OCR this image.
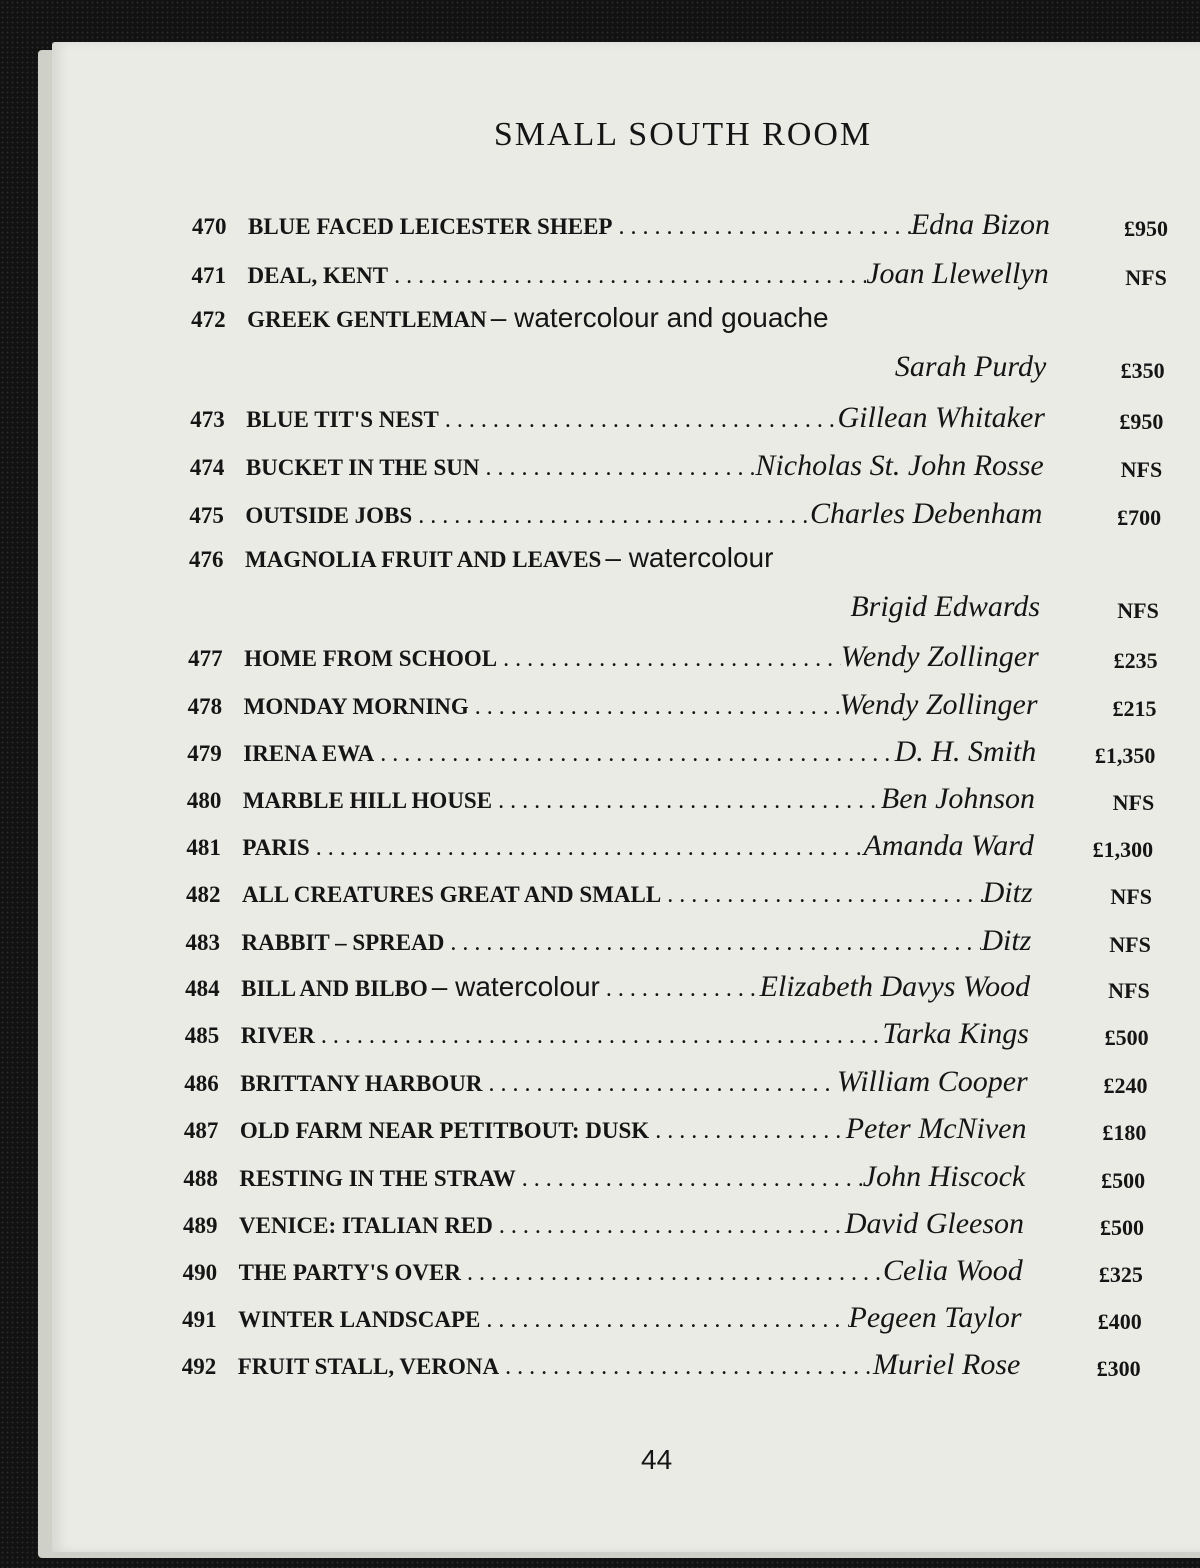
SMALL SOUTH ROOM
470 BLUE FACED LEICESTER SHEEP . . .	Edna Bizon	£950
471 DEAL, KENT . . .	Joan Llewellyn	NFS
472 GREEK GENTLEMAN – watercolour and gouache
Sarah Purdy	£350
473 BLUE TIT'S NEST . . .	Gillean Whitaker	£950
474 BUCKET IN THE SUN . . .	Nicholas St. John Rosse	NFS
475 OUTSIDE JOBS . . .	Charles Debenham	£700
476 MAGNOLIA FRUIT AND LEAVES – watercolour
Brigid Edwards	NFS
477 HOME FROM SCHOOL . . .	Wendy Zollinger	£235
478 MONDAY MORNING . . .	Wendy Zollinger	£215
479 IRENA EWA . . .	D. H. Smith	£1,350
480 MARBLE HILL HOUSE . . .	Ben Johnson	NFS
481 PARIS . . .	Amanda Ward	£1,300
482 ALL CREATURES GREAT AND SMALL . . .	Ditz	NFS
483 RABBIT – SPREAD . . .	Ditz	NFS
484 BILL AND BILBO – watercolour . . .	Elizabeth Davys Wood	NFS
485 RIVER . . .	Tarka Kings	£500
486 BRITTANY HARBOUR . . .	William Cooper	£240
487 OLD FARM NEAR PETITBOUT: DUSK . . .	Peter McNiven	£180
488 RESTING IN THE STRAW . . .	John Hiscock	£500
489 VENICE: ITALIAN RED . . .	David Gleeson	£500
490 THE PARTY'S OVER . . .	Celia Wood	£325
491 WINTER LANDSCAPE . . .	Pegeen Taylor	£400
492 FRUIT STALL, VERONA . . .	Muriel Rose	£300
44
